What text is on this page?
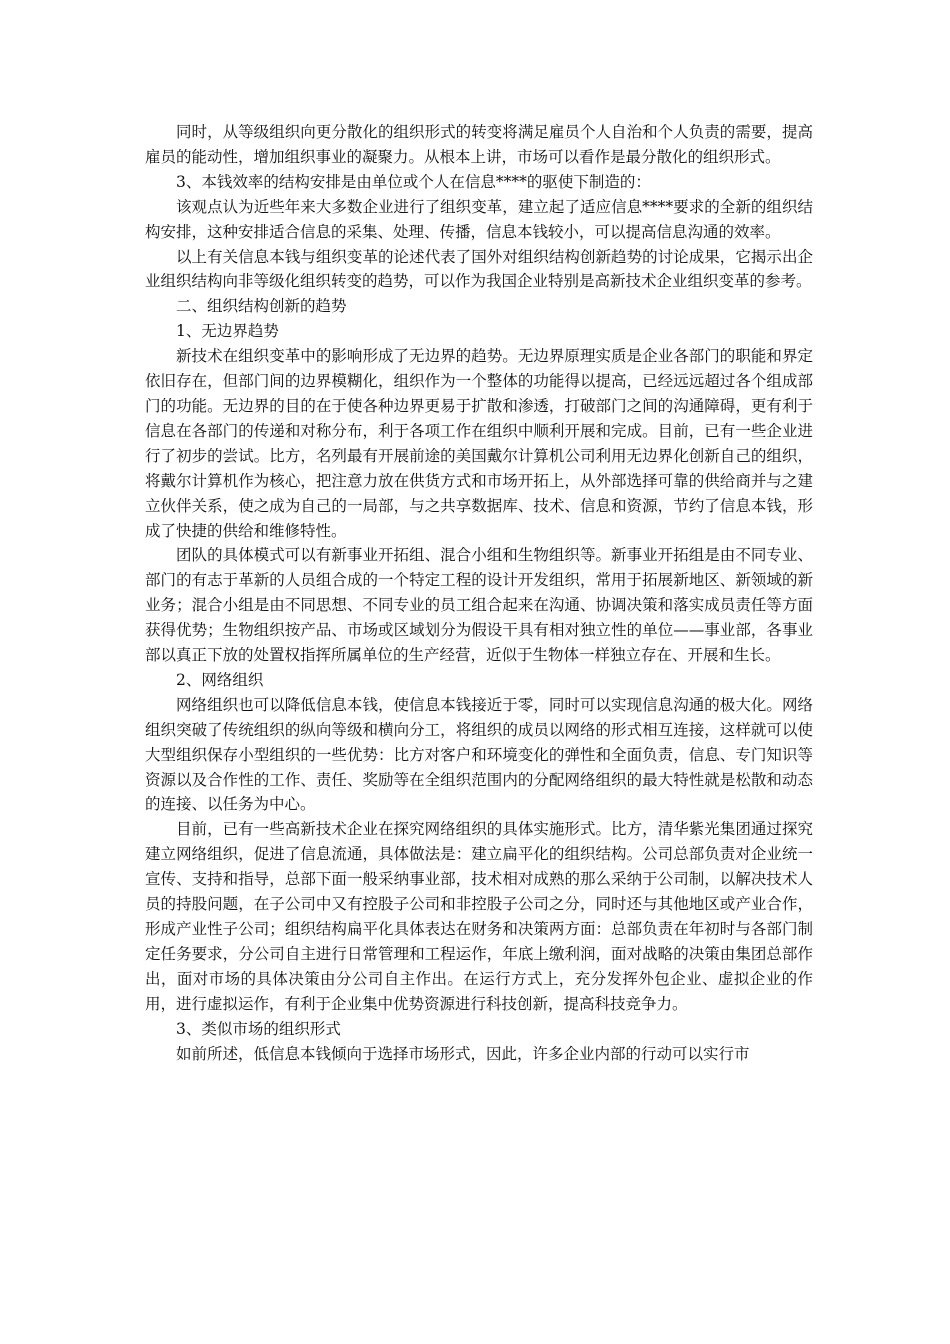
同时，从等级组织向更分散化的组织形式的转变将满足雇员个人自治和个人负责的需要，提高雇员的能动性，增加组织事业的凝聚力。从根本上讲，市场可以看作是最分散化的组织形式。

3、本钱效率的结构安排是由单位或个人在信息****的驱使下制造的：

该观点认为近些年来大多数企业进行了组织变革，建立起了适应信息****要求的全新的组织结构安排，这种安排适合信息的采集、处理、传播，信息本钱较小，可以提高信息沟通的效率。

以上有关信息本钱与组织变革的论述代表了国外对组织结构创新趋势的讨论成果，它揭示出企业组织结构向非等级化组织转变的趋势，可以作为我国企业特别是高新技术企业组织变革的参考。

二、组织结构创新的趋势

1、无边界趋势

新技术在组织变革中的影响形成了无边界的趋势。无边界原理实质是企业各部门的职能和界定依旧存在，但部门间的边界模糊化，组织作为一个整体的功能得以提高，已经远远超过各个组成部门的功能。无边界的目的在于使各种边界更易于扩散和渗透，打破部门之间的沟通障碍，更有利于信息在各部门的传递和对称分布，利于各项工作在组织中顺利开展和完成。目前，已有一些企业进行了初步的尝试。比方，名列最有开展前途的美国戴尔计算机公司利用无边界化创新自己的组织，将戴尔计算机作为核心，把注意力放在供货方式和市场开拓上，从外部选择可靠的供给商并与之建立伙伴关系，使之成为自己的一局部，与之共享数据库、技术、信息和资源，节约了信息本钱，形成了快捷的供给和维修特性。

团队的具体模式可以有新事业开拓组、混合小组和生物组织等。新事业开拓组是由不同专业、部门的有志于革新的人员组合成的一个特定工程的设计开发组织，常用于拓展新地区、新领域的新业务；混合小组是由不同思想、不同专业的员工组合起来在沟通、协调决策和落实成员责任等方面获得优势；生物组织按产品、市场或区域划分为假设干具有相对独立性的单位——事业部，各事业部以真正下放的处置权指挥所属单位的生产经营，近似于生物体一样独立存在、开展和生长。

2、网络组织

网络组织也可以降低信息本钱，使信息本钱接近于零，同时可以实现信息沟通的极大化。网络组织突破了传统组织的纵向等级和横向分工，将组织的成员以网络的形式相互连接，这样就可以使大型组织保存小型组织的一些优势：比方对客户和环境变化的弹性和全面负责，信息、专门知识等资源以及合作性的工作、责任、奖励等在全组织范围内的分配网络组织的最大特性就是松散和动态的连接、以任务为中心。

目前，已有一些高新技术企业在探究网络组织的具体实施形式。比方，清华紫光集团通过探究建立网络组织，促进了信息流通，具体做法是：建立扁平化的组织结构。公司总部负责对企业统一宣传、支持和指导，总部下面一般采纳事业部，技术相对成熟的那么采纳于公司制，以解决技术人员的持股问题，在子公司中又有控股子公司和非控股子公司之分，同时还与其他地区或产业合作，形成产业性子公司；组织结构扁平化具体表达在财务和决策两方面：总部负责在年初时与各部门制定任务要求，分公司自主进行日常管理和工程运作，年底上缴利润，面对战略的决策由集团总部作出，面对市场的具体决策由分公司自主作出。在运行方式上，充分发挥外包企业、虚拟企业的作用，进行虚拟运作，有利于企业集中优势资源进行科技创新，提高科技竞争力。

3、类似市场的组织形式

如前所述，低信息本钱倾向于选择市场形式，因此，许多企业内部的行动可以实行市
